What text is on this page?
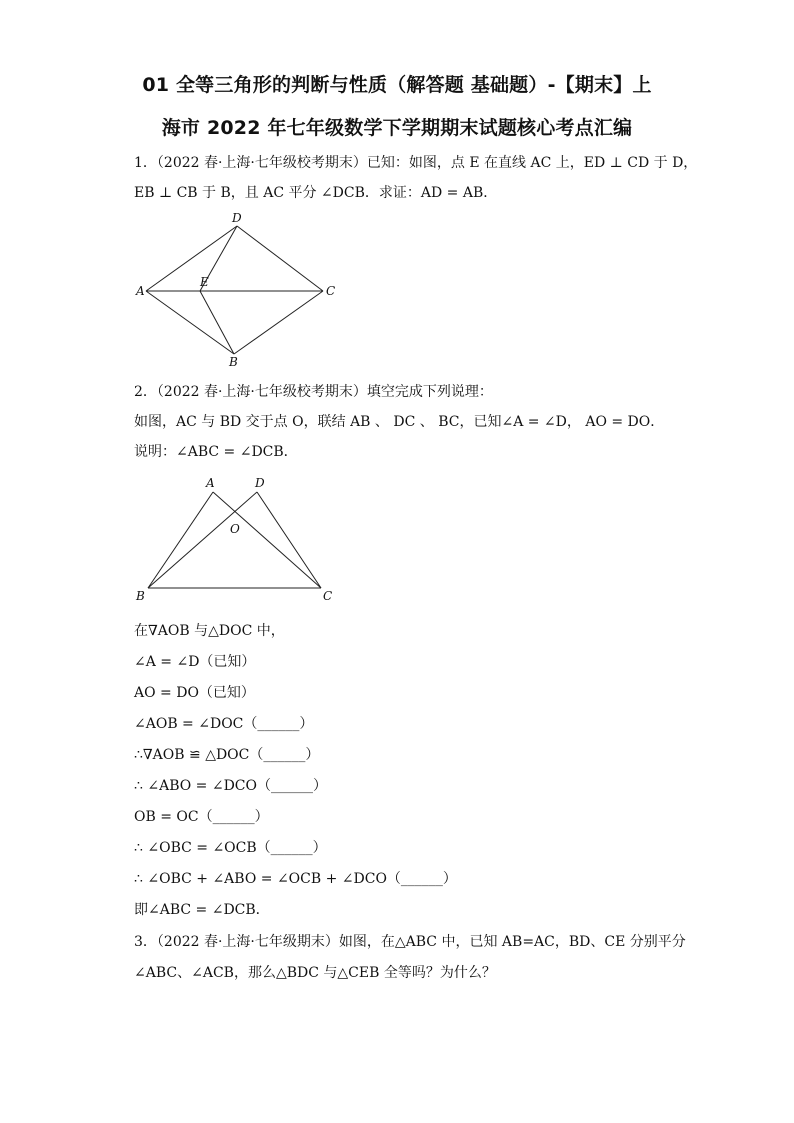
01 全等三角形的判断与性质（解答题 基础题）-【期末】上
海市 2022 年七年级数学下学期期末试题核心考点汇编
1．（2022 春·上海·七年级校考期末）已知：如图，点 E 在直线 AC 上，ED ⊥ CD 于 D，
EB ⊥ CB 于 B，且 AC 平分 ∠DCB．求证：AD = AB．
D
A
E
C
B
2．（2022 春·上海·七年级校考期末）填空完成下列说理：
如图，AC 与 BD 交于点 O，联结 AB 、 DC 、 BC，已知∠A = ∠D， AO = DO．
说明：∠ABC = ∠DCB．
A	D
O
B	C
在∇AOB 与△DOC 中，
∠A = ∠D（已知）
AO = DO（已知）
∠AOB = ∠DOC（______）
∴∇AOB ≌ △DOC（______）
∴ ∠ABO = ∠DCO（______）
OB = OC（______）
∴ ∠OBC = ∠OCB（______）
∴ ∠OBC + ∠ABO = ∠OCB + ∠DCO（______）
即∠ABC = ∠DCB．
3．（2022 春·上海·七年级期末）如图，在△ABC 中，已知 AB=AC，BD、CE 分别平分
∠ABC、∠ACB，那么△BDC 与△CEB 全等吗？为什么？
